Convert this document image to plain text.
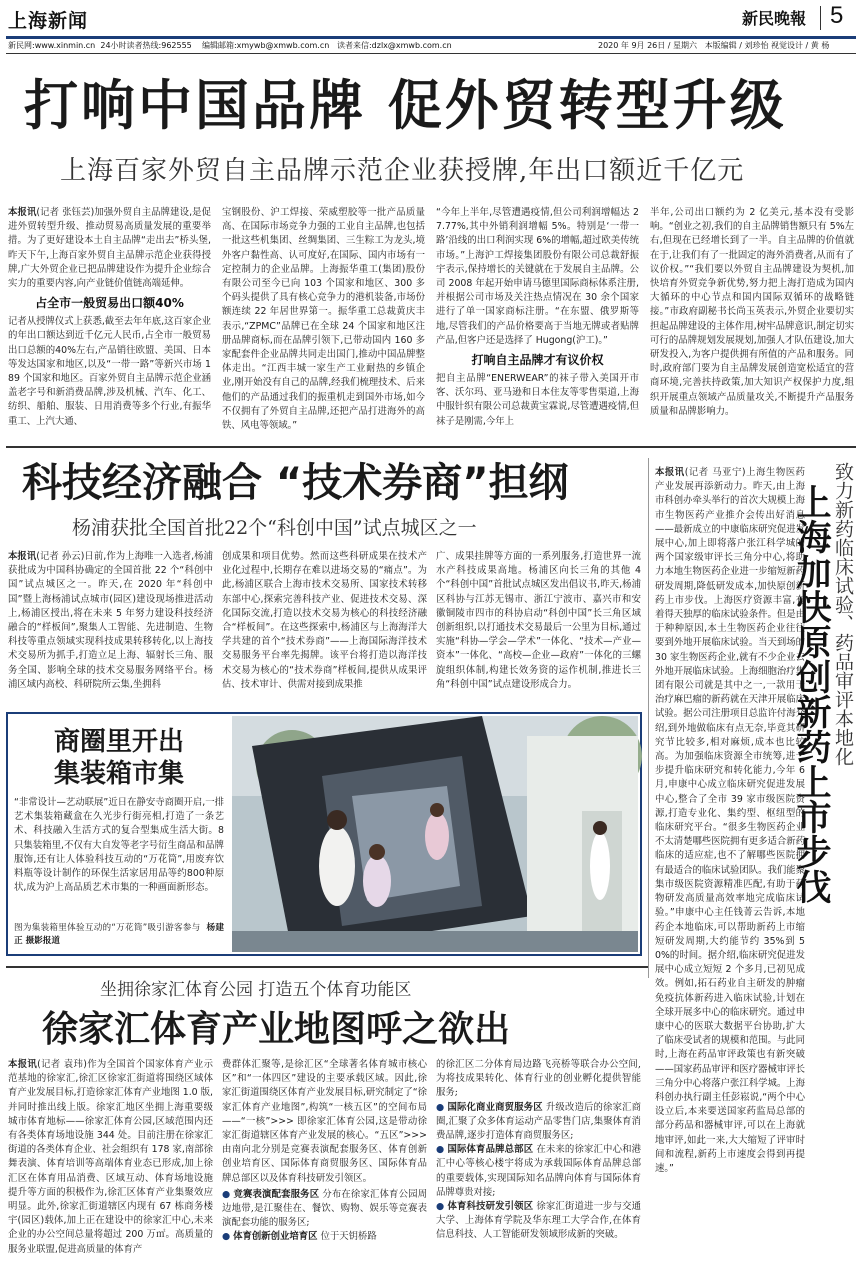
上海新闻	新民晚報 5
新民网:www.xinmin.cn 24小时读者热线:962555 编辑邮箱:xmywb@xmwb.com.cn 读者来信:dzlx@xmwb.com.cn	2020 年 9月 26日 / 星期六 本版编辑 / 刘珍怡 视觉设计 / 黄 杨
打响中国品牌 促外贸转型升级
上海百家外贸自主品牌示范企业获授牌,年出口额近千亿元
本报讯(记者 张钰芸)加强外贸自主品牌建设,是促进外贸转型升级、推动贸易高质量发展的重要举措。为了更好建设本土自主品牌“走出去”桥头堡,昨天下午,上海百家外贸自主品牌示范企业获得授牌,广大外贸企业已把品牌建设作为提升企业综合实力的重要内容,向产业链价值链高端延伸。
占全市一般贸易出口额40%
记者从授牌仪式上获悉,截至去年年底,这百家企业的年出口额达到近千亿元人民币,占全市一般贸易出口总额的40%左右,产品销往欧盟、美国、日本等发达国家和地区,以及“一带一路”等新兴市场 189 个国家和地区。百家外贸自主品牌示范企业涵盖老字号和新消费品牌,涉及机械、汽车、化工、纺织、船舶、服装、日用消费等多个行业,有振华重工、上汽大通、
宝钢股份、沪工焊接、荣威塑胶等一批产品质量高、在国际市场竞争力强的工业自主品牌,也包括一批这些机集团、丝绸集团、三生粽工为龙头,境外客户黏性高、认可度好,在国际、国内市场有一定控制力的企业品牌。上海振华重工(集团)股份有限公司至今已向 103 个国家和地区、300 多个码头提供了具有核心竞争力的港机装备,市场份额连续 22 年居世界第一。振华重工总裁黄庆丰表示,“ZPMC”品牌已在全球 24 个国家和地区注册品牌商标,而在品牌引领下,已带动国内 160 多家配套件企业品牌共同走出国门,推动中国品牌整体走出。“江西丰城一家生产工业耐热的乡镇企业,刚开始没有自己的品牌,经我们梳理技术、后来他们的产品通过我们的振重机走到国外市场,如今不仅拥有了外贸自主品牌,还把产品打进海外的高铁、风电等领域。”
“今年上半年,尽管遭遇疫情,但公司利润增幅达 27.77%,其中外销利润增幅 5%。特别是‘一带一路’沿线的出口利润实现 6%的增幅,超过欧美传统市场。”上海沪工焊接集团股份有限公司总裁舒振宇表示,保持增长的关键就在于发展自主品牌。公司 2008 年起开始申请马德里国际商标体系注册,并根据公司市场及关注热点情况在 30 余个国家进行了单一国家商标注册。“在东盟、俄罗斯等地,尽管我们的产品价格要高于当地无牌或者贴牌产品,但客户还是选择了 Hugong(沪工)。”
打响自主品牌才有议价权
把自主品牌“ENERWEAR”的袜子带入美国开市客、沃尔玛、亚马逊和日本住友等零售渠道,上海中服针织有限公司总裁黄宝霖说,尽管遭遇疫情,但袜子是刚需,今年上
半年,公司出口额约为 2 亿美元,基本没有受影响。“创业之初,我们的自主品牌销售额只有 5%左右,但现在已经增长到了一半。自主品牌的价值就在于,让我们有了一批固定的海外消费者,从而有了议价权。”“我们要以外贸自主品牌建设为契机,加快培育外贸竞争新优势,努力把上海打造成为国内大循环的中心节点和国内国际双循环的战略链接。”市政府副秘书长尚玉英表示,外贸企业要切实担起品牌建设的主体作用,树牢品牌意识,制定切实可行的品牌规划发展规划,加强人才队伍建设,加大研发投入,为客户提供拥有所值的产品和服务。同时,政府部门要为自主品牌发展创造宽松适宜的营商环境,完善扶持政策,加大知识产权保护力度,组织开展重点领域产品质量攻关,不断提升产品服务质量和品牌影响力。
科技经济融合 “技术券商”担纲
杨浦获批全国首批22个“科创中国”试点城区之一
本报讯(记者 孙云)日前,作为上海唯一入选者,杨浦获批成为中国科协确定的全国首批 22 个“科创中国”试点城区之一。昨天,在 2020 年“科创中国”暨上海杨浦试点城市(园区)建设现场推进活动上,杨浦区授出,将在未来 5 年努力建设科技经济融合的“样板间”,聚集人工智能、先进制造、生物科技等重点领域实现科技成果转移转化,以上海技术交易所为抓手,打造立足上海、辐射长三角、服务全国、影响全球的技术交易服务网络平台。杨浦区域内高校、科研院所云集,坐拥科
创成果和项目优势。然而这些科研成果在技术产业化过程中,长期存在难以进场交易的“痛点”。为此,杨浦区联合上海市技术交易所、国家技术转移东部中心,探索完善科技产业、促进技术交易、深化国际交流,打造以技术交易为核心的科技经济融合“样板间”。在这些探索中,杨浦区与上海海洋大学共建的首个“技术券商”——上海国际海洋技术交易服务平台率先揭牌。该平台将打造以海洋技术交易为核心的“技术券商”样板间,提供从成果评估、技术审计、供需对接到成果推
广、成果挂牌等方面的一系列服务,打造世界一流水产科技成果高地。杨浦区向长三角的其他 4 个“科创中国”首批试点城区发出倡议书,昨天,杨浦区科协与江苏无锡市、浙江宁波市、嘉兴市和安徽铜陵市四市的科协启动“科创中国”长三角区域创新组织,以打通技术交易最后一公里为目标,通过实施“科协—学会—学术”一体化、“技术—产业—资本”一体化、“高校—企业—政府”一体化的三螺旋组织体制,构建长效务资的运作机制,推进长三角“科创中国”试点建设形成合力。
商圈里开出
集装箱市集
“非常设计—艺动联展”近日在静安寺商圈开启,一排艺术集装箱藏盒在久光步行街亮相,打造了一条艺术、科技融入生活方式的复合型集成生活大街。8 只集装箱里,不仅有大自发等老字号衍生商品和品牌服饰,还有让人体验科技互动的“万花筒”,用废弃饮料瓶等设计制作的环保生活家居用品等约800种原状,成为沪上高品质艺术市集的一种画面新形态。
图为集装箱里体验互动的“万花筒”吸引游客参与 杨建正 摄影报道
本报讯(记者 马亚宁)上海生物医药产业发展再添新动力。昨天,由上海市科创办牵头举行的首次大规模上海市生物医药产业推介会传出好消息——最新成立的中康临床研究促进发展中心,加上即将落户张江科学城的两个国家级审评长三角分中心,将助力本地生物医药企业进一步缩短新药研发周期,降低研发成本,加快原创新药上市步伐。上海医疗资源丰富,有着得天独厚的临床试验条件。但是由于种种原因,本土生物医药企业往往要到外地开展临床试验。当天到场的 30 家生物医药企业,就有不少企业去外地开展临床试验。上海细胞治疗集团有限公司就是其中之一,一款用于治疗麻巴瘤的新药就在天津开展临床试验。据公司注册项目总监许付海介绍,到外地做临床有点无奈,毕竟其研究节比较多,相对麻烦,成本也比较高。为加强临床资源全市统筹,进一步提升临床研究和转化能力,今年 6 月,申康中心成立临床研究促进发展中心,整合了全市 39 家市级医院资源,打造专业化、集约型、枢纽型的临床研究平台。“很多生物医药企业不太清楚哪些医院拥有更多适合新药临床的适应症,也不了解哪些医院拥有最适合的临床试验团队。我们能聚集市级医院资源精准匹配,有助于药物研发高质量高效率地完成临床试验。”申康中心主任钱菁云告诉,本地药企本地临床,可以帮助新药上市缩短研发周期,大约能节约 35%到 50%的时间。据介绍,临床研究促进发展中心成立短短 2 个多月,已初见成效。例如,拓石药业自主研发的肿瘤免疫抗体新药进入临床试验,计划在全球开展多中心的临床研究。通过申康中心的医联大数据平台协助,扩大了临床受试者的规模和范围。与此同时,上海在药品审评政策也有新突破——国家药品审评和医疗器械审评长三角分中心将落户张江科学城。上海科创办执行副主任彭崧说,“两个中心设立后,本来要送国家药监局总部的部分药品和器械审评,可以在上海就地审评,如此一来,大大缩短了评审时间和流程,新药上市速度会得到再提速。”
致力新药临床试验、药品审评本地化
上海加快原创新药上市步伐
坐拥徐家汇体育公园 打造五个体育功能区
徐家汇体育产业地图呼之欲出
本报讯(记者 袁玮)作为全国首个国家体育产业示范基地的徐家汇,徐汇区徐家汇街道将围绕区域体育产业发展目标,打造徐家汇体育产业地图 1.0 版,并同时推出线上版。徐家汇地区坐拥上海重要级城市体育地标——徐家汇体育公园,区域范围内还有各类体育场地设施 344 处。目前注册在徐家汇街道的各类体育企业、社会组织有 178 家,南部徐舞表演、体育培训等高端体育业态已形成,加上徐汇区在体育用品消费、区域互动、体育场地设施提升等方面的积极作为,徐汇区体育产业集聚效应明显。此外,徐家汇街道辖区内现有 67 栋商务楼宇(园区)载体,加上正在建设中的徐家汇中心,未来企业的办公空间总量将超过 200 万㎡。高质量的服务业联盟,促进高质量的体育产
费群体汇聚等,是徐汇区“全球著名体育城市核心区”和“一体四区”建设的主要承载区域。因此,徐家汇街道围绕区体育产业发展目标,研究制定了“徐家汇体育产业地图”,构筑“一核五区”的空间布局——“一核”>>> 即徐家汇体育公园,这是带动徐家汇街道辖区体育产业发展的核心。“五区”>>> 由南向北分别是竞赛表演配套服务区、体育创新创业培育区、国际体育商贸服务区、国际体育品牌总部区以及体育科技研发引领区。
● 竞赛表演配套服务区 分布在徐家汇体育公园周边地带,是江聚佳在、餐饮、购物、娱乐等竞赛表演配套功能的服务区;
● 体育创新创业培育区 位于天钥桥路
的徐汇区二分体育局边路飞亮桥等联合办公空间,为将技成果转化、体育行业的创业孵化提供智能服务;
● 国际化商业商贸服务区 升级改造后的徐家汇商圈,汇聚了众多体育运动产品零售门店,集聚体育消费品牌,逐步打造体育商贸服务区;
● 国际体育品牌总部区 在未来的徐家汇中心和港汇中心等核心楼宇将成为承载国际体育品牌总部的重要载体,实现国际知名品牌向体育与国际体育品牌尊贵对接;
● 体育科技研发引领区 徐家汇街道进一步与交通大学、上海体育学院及华东理工大学合作,在体育信息科技、人工智能研发领域形成新的突破。
